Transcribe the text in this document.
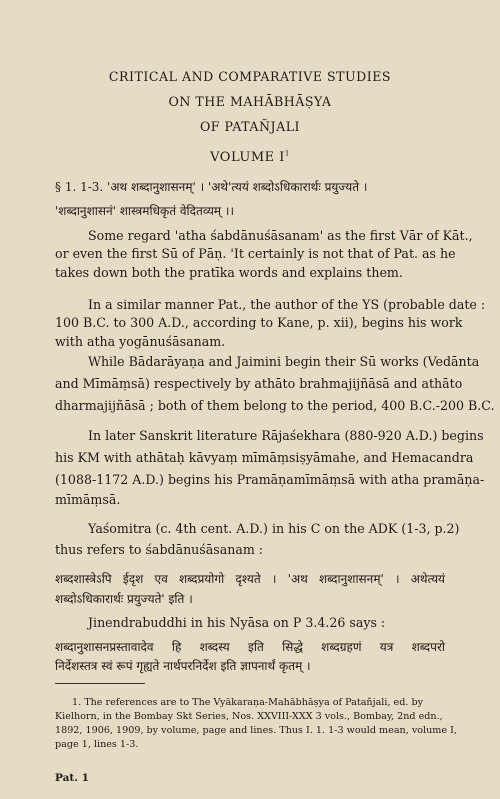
CRITICAL AND COMPARATIVE STUDIES
ON THE MAHĀBHĀṢYA
OF PATAÑJALI
VOLUME $I^1$
§ 1. 1-3. 'अथ शब्दानुशासनम्' । 'अथे'त्ययं शब्दोऽधिकारार्थः प्रयुज्यते ।
'शब्दानुशासनं' शास्त्रमधिकृतं वेदितव्यम् ।।
Some regard 'atha śabdānuśāsanam' as the first Vār of Kāt.,
or even the first Sū of Pāṇ. 'It certainly is not that of Pat. as he
takes down both the pratīka words and explains them.
In a similar manner Pat., the author of the YS (probable date :
100 B.C. to 300 A.D., according to Kane, p. xii), begins his work
with atha yogānuśāsanam.
While Bādarāyaṇa and Jaimini begin their Sū works (Vedānta
and Mīmāṃsā) respectively by athāto brahmajijñāsā and athāto
dharmajijñāsā ; both of them belong to the period, 400 B.C.-200 B.C.
In later Sanskrit literature Rājaśekhara (880-920 A.D.) begins
his KM with athātaḥ kāvyaṃ mīmāṃsiṣyāmahe, and Hemacandra
(1088-1172 A.D.) begins his Pramāṇamīmāṃsā with atha pramāṇa-
mīmāṃsā.
Yaśomitra (c. 4th cent. A.D.) in his C on the ADK (1-3, p.2)
thus refers to śabdānuśāsanam :
शब्दशास्त्रेऽपि ईदृश एव शब्दप्रयोगो दृश्यते । 'अथ शब्दानुशासनम्' । अथेत्ययं
शब्दोऽधिकारार्थः प्रयुज्यते' इति ।
Jinendrabuddhi in his Nyāsa on P 3.4.26 says :
शब्दानुशासनप्रस्तावादेव हि शब्दस्य इति सिद्धे शब्दग्रहणं यत्र शब्दपरो
निर्देशस्तत्र स्वं रूपं गृह्यते नार्थपरनिर्देश इति ज्ञापनार्थं कृतम् ।
1. The references are to The Vyākaraṇa-Mahābhāṣya of Patañjali, ed. by
Kielhorn, in the Bombay Skt Series, Nos. XXVIII-XXX 3 vols., Bombay, 2nd edn.,
1892, 1906, 1909, by volume, page and lines. Thus I. 1. 1-3 would mean, volume I,
page 1, lines 1-3.
Pat. 1
